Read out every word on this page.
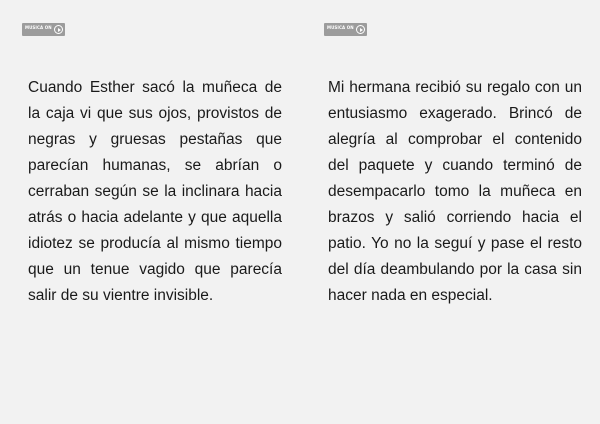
MUSICA ON

Cuando Esther sacó la muñeca de la caja vi que sus ojos, provistos de negras y gruesas pestañas que parecían humanas, se abrían o cerraban según se la inclinara hacia atrás o hacia adelante y que aquella idiotez se producía al mismo tiempo que un tenue vagido que parecía salir de su vientre invisible.

MUSICA ON

Mi hermana recibió su regalo con un entusiasmo exagerado. Brincó de alegría al comprobar el contenido del paquete y cuando terminó de desempacarlo tomo la muñeca en brazos y salió corriendo hacia el patio. Yo no la seguí y pase el resto del día deambulando por la casa sin hacer nada en especial.
